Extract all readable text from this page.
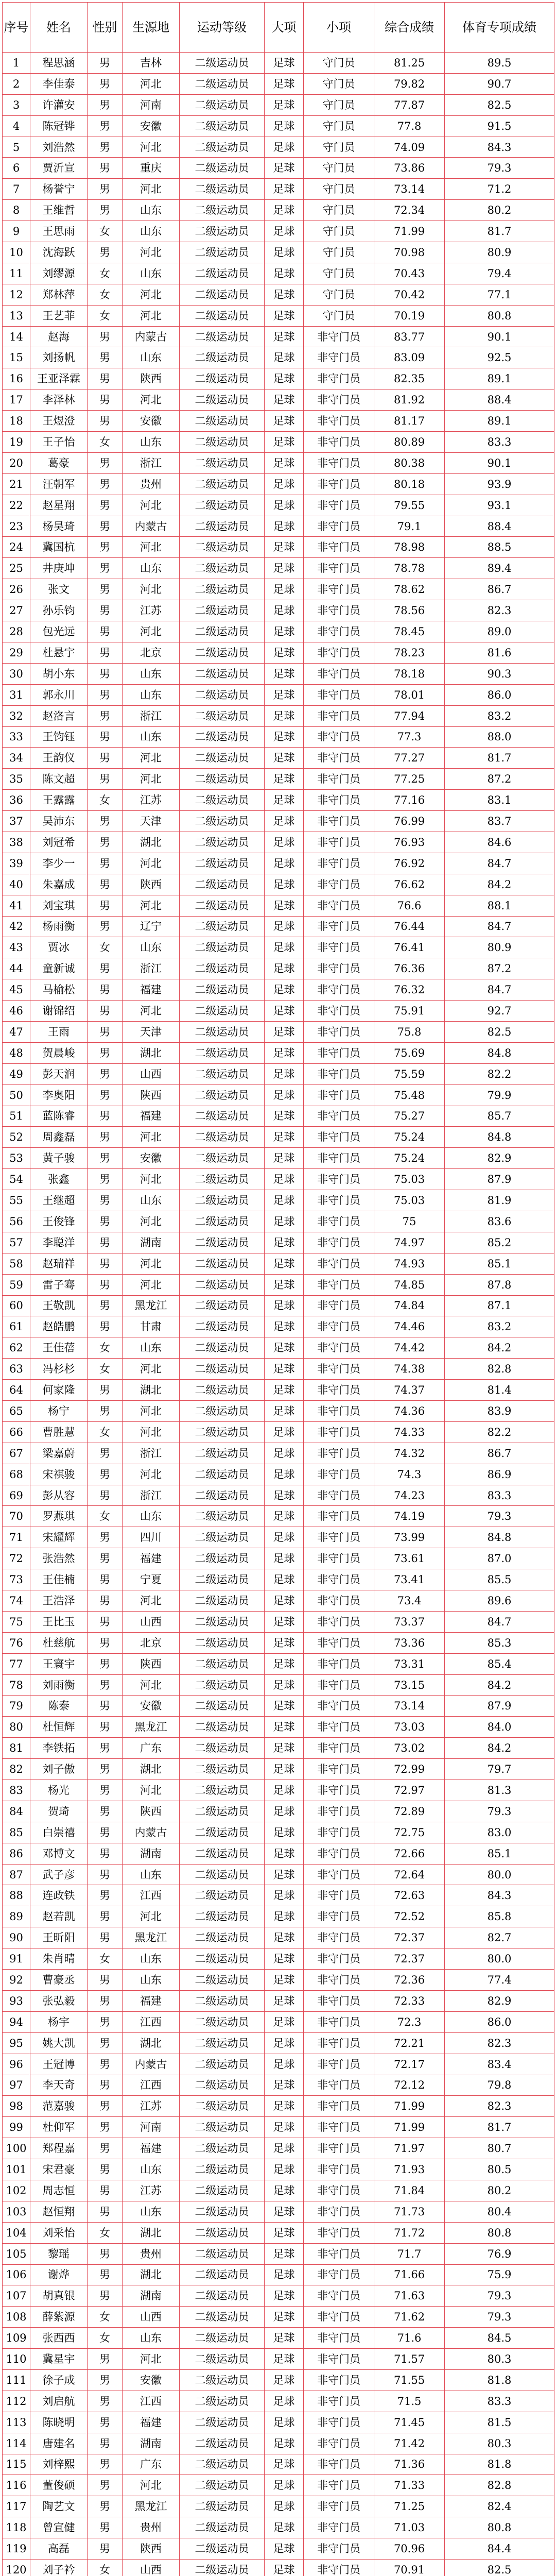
序号	姓名	性别	生源地	运动等级	大项	小项	综合成绩	体育专项成绩
1	程思涵	男	吉林	二级运动员	足球	守门员	81.25	89.5
2	李佳泰	男	河北	二级运动员	足球	守门员	79.82	90.7
3	许灌安	男	河南	二级运动员	足球	守门员	77.87	82.5
4	陈冠铧	男	安徽	二级运动员	足球	守门员	77.8	91.5
5	刘浩然	男	河北	二级运动员	足球	守门员	74.09	84.3
6	贾沂宣	男	重庆	二级运动员	足球	守门员	73.86	79.3
7	杨誉宁	男	河北	二级运动员	足球	守门员	73.14	71.2
8	王维哲	男	山东	二级运动员	足球	守门员	72.34	80.2
9	王思雨	女	山东	二级运动员	足球	守门员	71.99	81.7
10	沈海跃	男	河北	二级运动员	足球	守门员	70.98	80.9
11	刘缪源	女	山东	二级运动员	足球	守门员	70.43	79.4
12	郑林萍	女	河北	二级运动员	足球	守门员	70.42	77.1
13	王艺菲	女	河北	二级运动员	足球	守门员	70.19	80.8
14	赵海	男	内蒙古	二级运动员	足球	非守门员	83.77	90.1
15	刘扬帆	男	山东	二级运动员	足球	非守门员	83.09	92.5
16	王亚泽霖	男	陕西	二级运动员	足球	非守门员	82.35	89.1
17	李泽林	男	河北	二级运动员	足球	非守门员	81.92	88.4
18	王煜澄	男	安徽	二级运动员	足球	非守门员	81.17	89.1
19	王子怡	女	山东	二级运动员	足球	非守门员	80.89	83.3
20	葛豪	男	浙江	二级运动员	足球	非守门员	80.38	90.1
21	汪朝军	男	贵州	二级运动员	足球	非守门员	80.18	93.9
22	赵星翔	男	河北	二级运动员	足球	非守门员	79.55	93.1
23	杨昊琦	男	内蒙古	二级运动员	足球	非守门员	79.1	88.4
24	冀国杭	男	河北	二级运动员	足球	非守门员	78.98	88.5
25	井庚坤	男	山东	二级运动员	足球	非守门员	78.78	89.4
26	张文	男	河北	二级运动员	足球	非守门员	78.62	86.7
27	孙乐钧	男	江苏	二级运动员	足球	非守门员	78.56	82.3
28	包光远	男	河北	二级运动员	足球	非守门员	78.45	89.0
29	杜悬宇	男	北京	二级运动员	足球	非守门员	78.23	81.6
30	胡小东	男	山东	二级运动员	足球	非守门员	78.18	90.3
31	郭永川	男	山东	二级运动员	足球	非守门员	78.01	86.0
32	赵洛言	男	浙江	二级运动员	足球	非守门员	77.94	83.2
33	王钧钰	男	山东	二级运动员	足球	非守门员	77.3	88.0
34	王韵仪	男	河北	二级运动员	足球	非守门员	77.27	81.7
35	陈文超	男	河北	二级运动员	足球	非守门员	77.25	87.2
36	王露露	女	江苏	二级运动员	足球	非守门员	77.16	83.1
37	吴沛东	男	天津	二级运动员	足球	非守门员	76.99	83.7
38	刘冠希	男	湖北	二级运动员	足球	非守门员	76.93	84.6
39	李少一	男	河北	二级运动员	足球	非守门员	76.92	84.7
40	朱嘉成	男	陕西	二级运动员	足球	非守门员	76.62	84.2
41	刘宝琪	男	河北	二级运动员	足球	非守门员	76.6	88.1
42	杨雨衡	男	辽宁	二级运动员	足球	非守门员	76.44	84.7
43	贾冰	女	山东	二级运动员	足球	非守门员	76.41	80.9
44	童新诚	男	浙江	二级运动员	足球	非守门员	76.36	87.2
45	马榆松	男	福建	二级运动员	足球	非守门员	76.32	84.7
46	谢锦绍	男	河北	二级运动员	足球	非守门员	75.91	92.7
47	王雨	男	天津	二级运动员	足球	非守门员	75.8	82.5
48	贺晨峻	男	湖北	二级运动员	足球	非守门员	75.69	84.8
49	彭天润	男	山西	二级运动员	足球	非守门员	75.59	82.2
50	李奥阳	男	陕西	二级运动员	足球	非守门员	75.48	79.9
51	蓝陈睿	男	福建	二级运动员	足球	非守门员	75.27	85.7
52	周鑫磊	男	河北	二级运动员	足球	非守门员	75.24	84.8
53	黄子骏	男	安徽	二级运动员	足球	非守门员	75.24	82.9
54	张鑫	男	河北	二级运动员	足球	非守门员	75.03	87.9
55	王继超	男	山东	二级运动员	足球	非守门员	75.03	81.9
56	王俊锋	男	河北	二级运动员	足球	非守门员	75	83.6
57	李聪洋	男	湖南	二级运动员	足球	非守门员	74.97	85.2
58	赵瑞祥	男	河北	二级运动员	足球	非守门员	74.93	85.1
59	雷子骞	男	河北	二级运动员	足球	非守门员	74.85	87.8
60	王敬凯	男	黑龙江	二级运动员	足球	非守门员	74.84	87.1
61	赵皓鹏	男	甘肃	二级运动员	足球	非守门员	74.46	83.2
62	王佳蓓	女	山东	二级运动员	足球	非守门员	74.42	84.2
63	冯杉杉	女	河北	二级运动员	足球	非守门员	74.38	82.8
64	何家隆	男	湖北	二级运动员	足球	非守门员	74.37	81.4
65	杨宁	男	河北	二级运动员	足球	非守门员	74.36	83.9
66	曹胜慧	女	河北	二级运动员	足球	非守门员	74.33	82.2
67	梁嘉蔚	男	浙江	二级运动员	足球	非守门员	74.32	86.7
68	宋祺骏	男	河北	二级运动员	足球	非守门员	74.3	86.9
69	彭从容	男	浙江	二级运动员	足球	非守门员	74.23	83.3
70	罗燕琪	女	山东	二级运动员	足球	非守门员	74.19	79.3
71	宋耀辉	男	四川	二级运动员	足球	非守门员	73.99	84.8
72	张浩然	男	福建	二级运动员	足球	非守门员	73.61	87.0
73	王佳楠	男	宁夏	二级运动员	足球	非守门员	73.41	85.5
74	王浩泽	男	河北	二级运动员	足球	非守门员	73.4	89.6
75	王比玉	男	山西	二级运动员	足球	非守门员	73.37	84.7
76	杜慈航	男	北京	二级运动员	足球	非守门员	73.36	85.3
77	王寰宇	男	陕西	二级运动员	足球	非守门员	73.31	85.4
78	刘雨衡	男	河北	二级运动员	足球	非守门员	73.15	84.2
79	陈泰	男	安徽	二级运动员	足球	非守门员	73.14	87.9
80	杜恒辉	男	黑龙江	二级运动员	足球	非守门员	73.03	84.0
81	李铁拓	男	广东	二级运动员	足球	非守门员	73.02	84.2
82	刘子傲	男	湖北	二级运动员	足球	非守门员	72.99	79.7
83	杨光	男	河北	二级运动员	足球	非守门员	72.97	81.3
84	贺琦	男	陕西	二级运动员	足球	非守门员	72.89	79.3
85	白崇禧	男	内蒙古	二级运动员	足球	非守门员	72.75	83.0
86	邓博文	男	湖南	二级运动员	足球	非守门员	72.66	85.1
87	武子彦	男	山东	二级运动员	足球	非守门员	72.64	80.0
88	连政铁	男	江西	二级运动员	足球	非守门员	72.63	84.3
89	赵若凯	男	河北	二级运动员	足球	非守门员	72.52	85.8
90	王昕阳	男	黑龙江	二级运动员	足球	非守门员	72.37	82.7
91	朱肖晴	女	山东	二级运动员	足球	非守门员	72.37	80.0
92	曹豪丞	男	山东	二级运动员	足球	非守门员	72.36	77.4
93	张弘毅	男	福建	二级运动员	足球	非守门员	72.33	82.9
94	杨宇	男	江西	二级运动员	足球	非守门员	72.3	86.0
95	姚大凯	男	湖北	二级运动员	足球	非守门员	72.21	82.3
96	王冠博	男	内蒙古	二级运动员	足球	非守门员	72.17	83.4
97	李天奇	男	江西	二级运动员	足球	非守门员	72.12	79.8
98	范嘉骏	男	江苏	二级运动员	足球	非守门员	71.99	82.3
99	杜仰军	男	河南	二级运动员	足球	非守门员	71.99	81.7
100	郑程嘉	男	福建	二级运动员	足球	非守门员	71.97	80.7
101	宋君豪	男	山东	二级运动员	足球	非守门员	71.93	80.5
102	周志恒	男	江苏	二级运动员	足球	非守门员	71.84	80.2
103	赵恒翔	男	山东	二级运动员	足球	非守门员	71.73	80.4
104	刘采怡	女	湖北	二级运动员	足球	非守门员	71.72	80.8
105	黎瑶	男	贵州	二级运动员	足球	非守门员	71.7	76.9
106	谢烨	男	湖北	二级运动员	足球	非守门员	71.66	75.9
107	胡真银	男	湖南	二级运动员	足球	非守门员	71.63	79.3
108	薛紫源	女	山西	二级运动员	足球	非守门员	71.62	79.3
109	张西西	女	山东	二级运动员	足球	非守门员	71.6	84.5
110	冀星宇	男	河北	二级运动员	足球	非守门员	71.57	80.3
111	徐子成	男	安徽	二级运动员	足球	非守门员	71.55	81.8
112	刘启航	男	江西	二级运动员	足球	非守门员	71.5	83.3
113	陈晓明	男	福建	二级运动员	足球	非守门员	71.45	81.5
114	唐建名	男	湖南	二级运动员	足球	非守门员	71.42	80.3
115	刘梓熙	男	广东	二级运动员	足球	非守门员	71.36	81.8
116	董俊硕	男	河北	二级运动员	足球	非守门员	71.33	82.8
117	陶艺文	男	黑龙江	二级运动员	足球	非守门员	71.25	82.4
118	曾宣健	男	贵州	二级运动员	足球	非守门员	71.03	80.8
119	高磊	男	陕西	二级运动员	足球	非守门员	70.96	84.4
120	刘子衿	女	山西	二级运动员	足球	非守门员	70.91	82.5
